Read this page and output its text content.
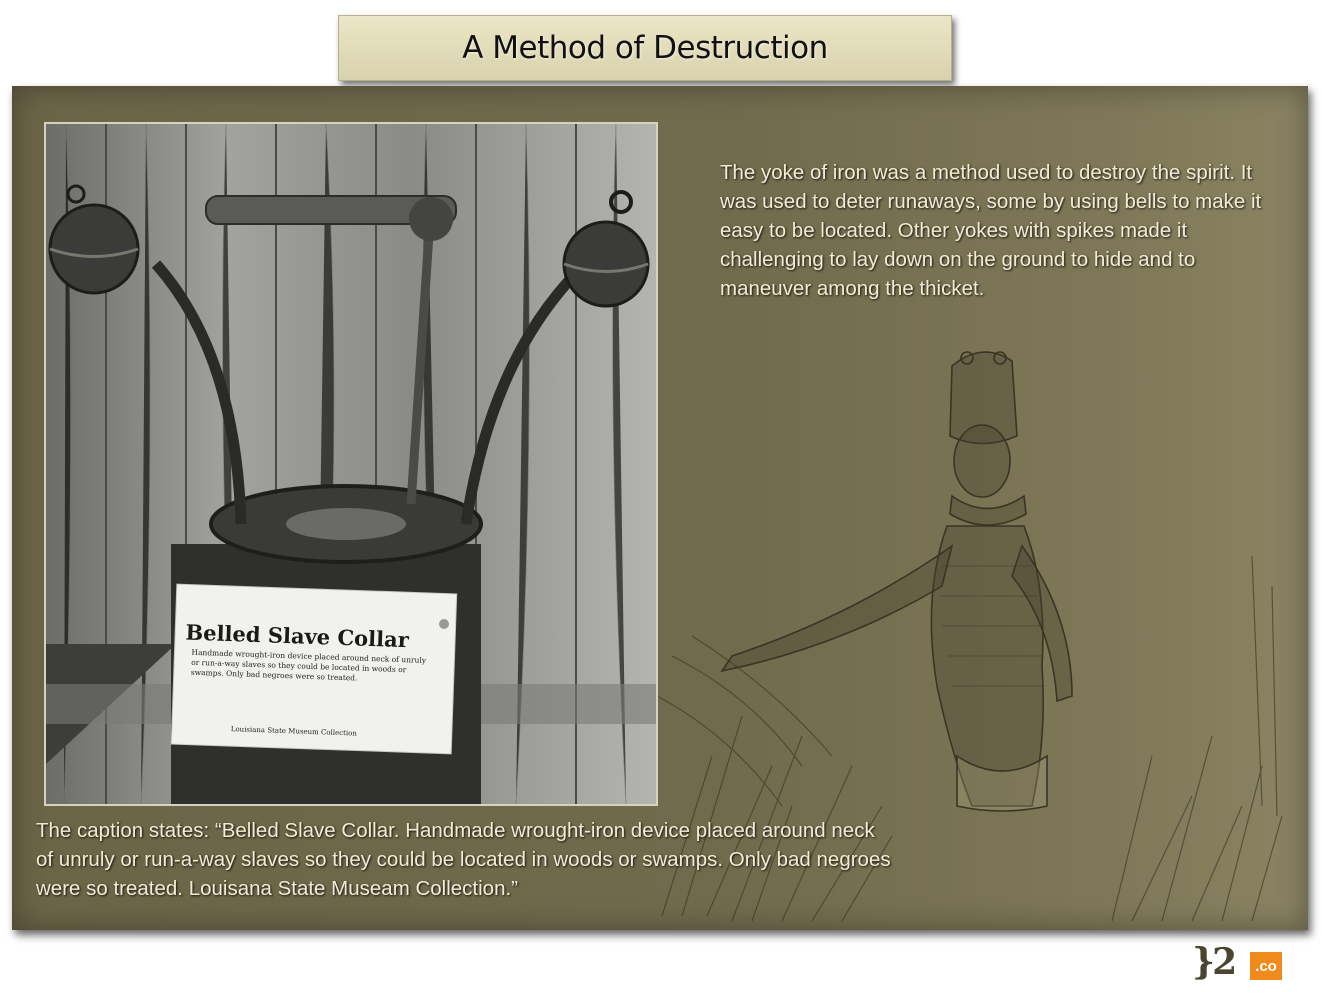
A Method of Destruction
Belled Slave Collar
Handmade wrought-iron device placed around neck of unruly or run-a-way slaves so they could be located in woods or swamps. Only bad negroes were so treated.
Louisiana State Museum Collection

The yoke of iron was a method used to destroy the spirit. It was used to deter runaways, some by using bells to make it easy to be located. Other yokes with spikes made it challenging to lay down on the ground to hide and to maneuver among the thicket.

The caption states: “Belled Slave Collar. Handmade wrought-iron device placed around neck of unruly or run-a-way slaves so they could be located in woods or swamps. Only bad negroes were so treated. Louisana State Museam Collection.”

}2	.co
